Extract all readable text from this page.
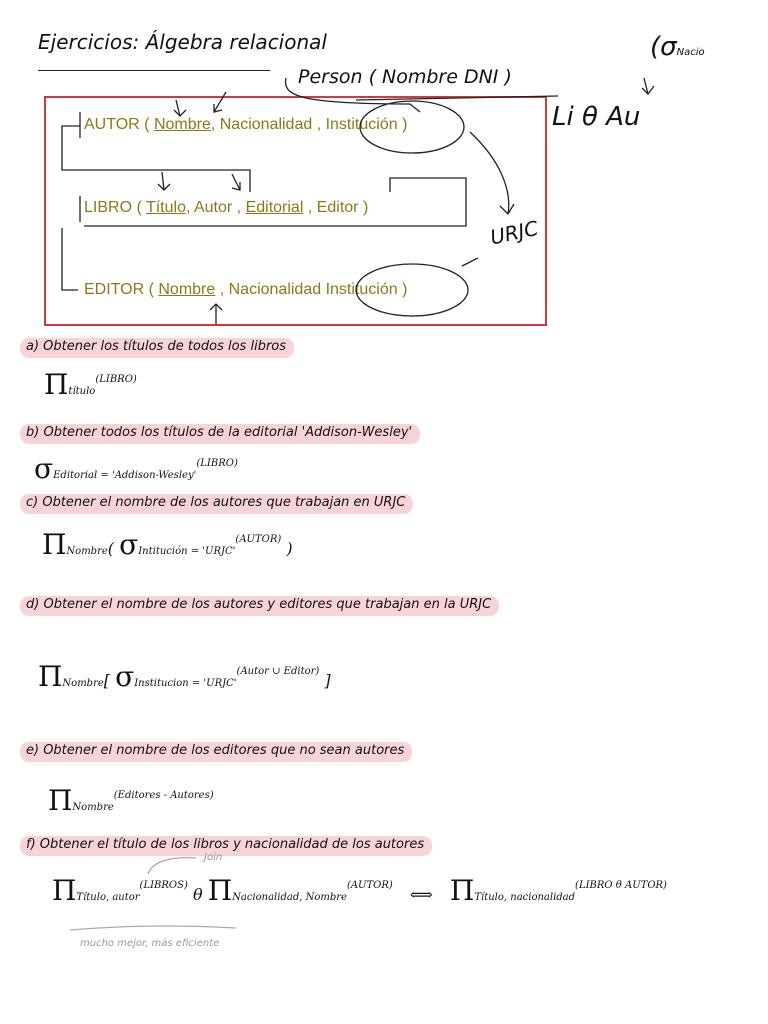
Ejercicios: Álgebra relacional
Person ( Nombre DNI )
(σNacio
Li θ Au
URJC
AUTOR ( Nombre, Nacionalidad , Institución )
LIBRO ( Título, Autor , Editorial , Editor )
EDITOR ( Nombre , Nacionalidad Institución )
a) Obtener los títulos de todos los libros
Πtítulo$^{(LIBRO)}$
b) Obtener todos los títulos de la editorial 'Addison-Wesley'
σEditorial = '$Addison-Wesley'^{(LIBRO)}$
c) Obtener el nombre de los autores que trabajan en URJC
ΠNombre( σIntitución = '$URJC'^{(AUTOR)}$ )
d) Obtener el nombre de los autores y editores que trabajan en la URJC
ΠNombre[ σInstitucion = '$URJC'^{(Autor \cup Editor)}$ ]
e) Obtener el nombre de los editores que no sean autores
ΠNombre$^{(Editores - Autores)}$
f) Obtener el título de los libros y nacionalidad de los autores
Join
ΠTítulo, autor$^{(LIBROS)}$ θ ΠNacionalidad, Nombre$^{(AUTOR)}$ ⟺ ΠTítulo, nacionalidad$^{(LIBRO \theta AUTOR)}$
mucho mejor, más eficiente
